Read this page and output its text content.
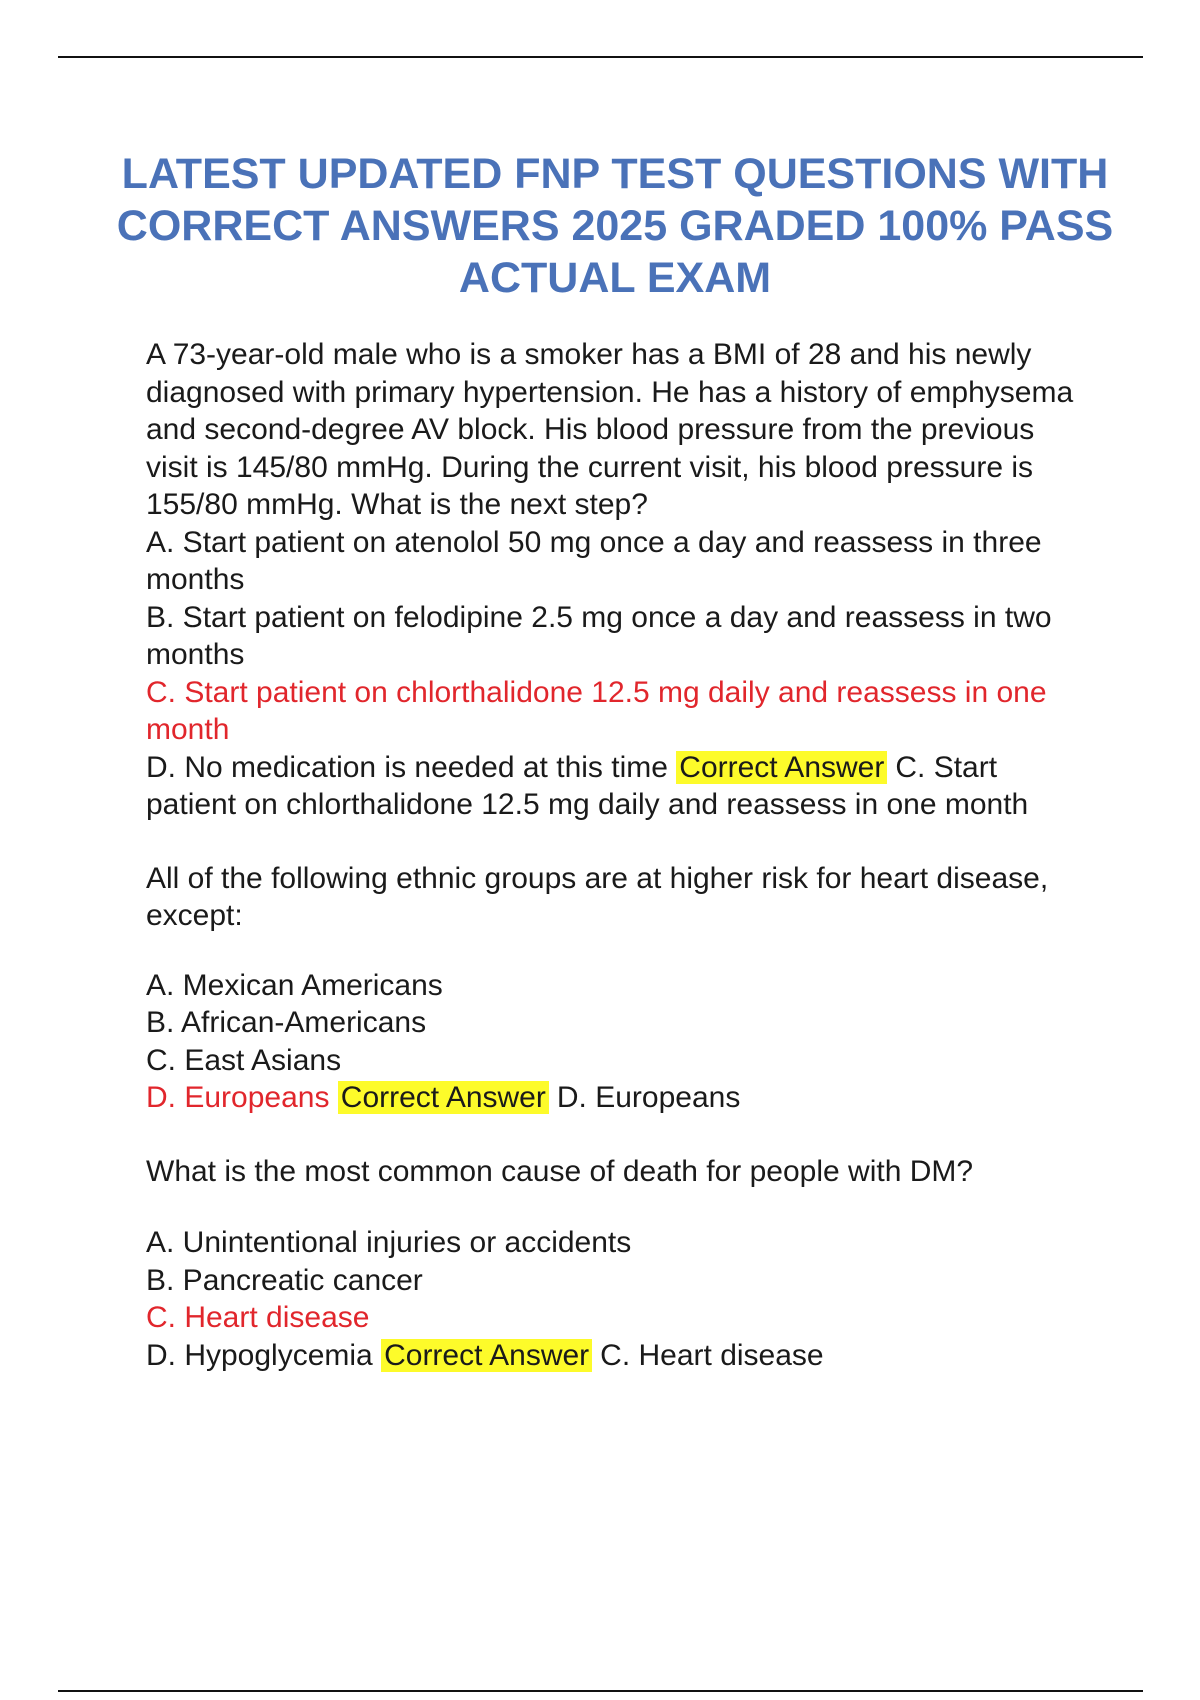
LATEST UPDATED FNP TEST QUESTIONS WITH CORRECT ANSWERS 2025 GRADED 100% PASS ACTUAL EXAM

A 73-year-old male who is a smoker has a BMI of 28 and his newly diagnosed with primary hypertension. He has a history of emphysema and second-degree AV block. His blood pressure from the previous visit is 145/80 mmHg. During the current visit, his blood pressure is 155/80 mmHg. What is the next step?

A. Start patient on atenolol 50 mg once a day and reassess in three months

B. Start patient on felodipine 2.5 mg once a day and reassess in two months

C. Start patient on chlorthalidone 12.5 mg daily and reassess in one month

D. No medication is needed at this time Correct Answer C. Start patient on chlorthalidone 12.5 mg daily and reassess in one month

All of the following ethnic groups are at higher risk for heart disease, except:

A. Mexican Americans

B. African-Americans

C. East Asians

D. Europeans Correct Answer D. Europeans

What is the most common cause of death for people with DM?

A. Unintentional injuries or accidents

B. Pancreatic cancer

C. Heart disease

D. Hypoglycemia Correct Answer C. Heart disease
